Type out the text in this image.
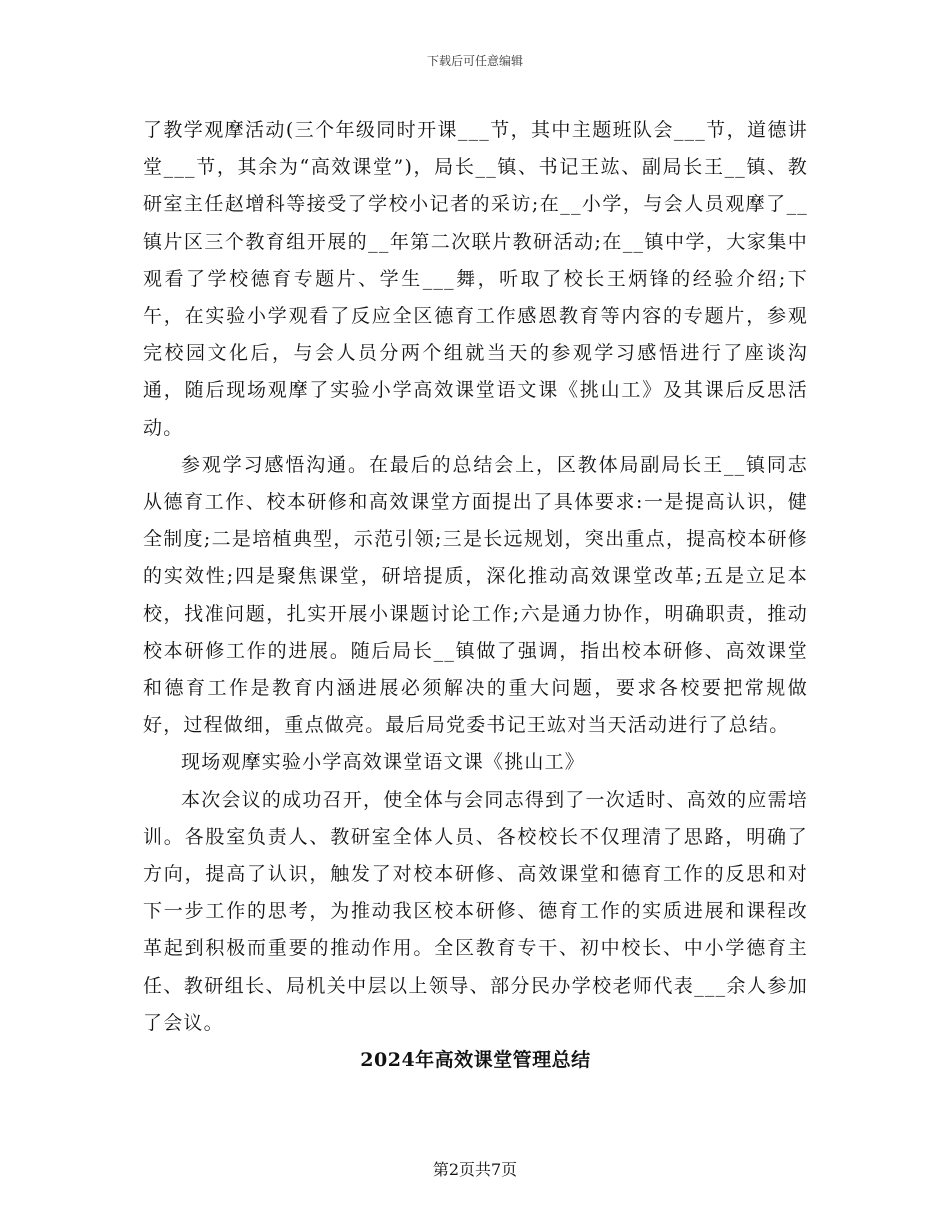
下载后可任意编辑

了教学观摩活动(三个年级同时开课___节，其中主题班队会___节，道德讲堂___节，其余为“高效课堂”)，局长__镇、书记王竑、副局长王__镇、教研室主任赵增科等接受了学校小记者的采访;在__小学，与会人员观摩了__镇片区三个教育组开展的__年第二次联片教研活动;在__镇中学，大家集中观看了学校德育专题片、学生___舞，听取了校长王炳锋的经验介绍;下午，在实验小学观看了反应全区德育工作感恩教育等内容的专题片，参观完校园文化后，与会人员分两个组就当天的参观学习感悟进行了座谈沟通，随后现场观摩了实验小学高效课堂语文课《挑山工》及其课后反思活动。

参观学习感悟沟通。在最后的总结会上，区教体局副局长王__镇同志从德育工作、校本研修和高效课堂方面提出了具体要求:一是提高认识，健全制度;二是培植典型，示范引领;三是长远规划，突出重点，提高校本研修的实效性;四是聚焦课堂，研培提质，深化推动高效课堂改革;五是立足本校，找准问题，扎实开展小课题讨论工作;六是通力协作，明确职责，推动校本研修工作的进展。随后局长__镇做了强调，指出校本研修、高效课堂和德育工作是教育内涵进展必须解决的重大问题，要求各校要把常规做好，过程做细，重点做亮。最后局党委书记王竑对当天活动进行了总结。

现场观摩实验小学高效课堂语文课《挑山工》

本次会议的成功召开，使全体与会同志得到了一次适时、高效的应需培训。各股室负责人、教研室全体人员、各校校长不仅理清了思路，明确了方向，提高了认识，触发了对校本研修、高效课堂和德育工作的反思和对下一步工作的思考，为推动我区校本研修、德育工作的实质进展和课程改革起到积极而重要的推动作用。全区教育专干、初中校长、中小学德育主任、教研组长、局机关中层以上领导、部分民办学校老师代表___余人参加了会议。

2024年高效课堂管理总结

第2页共7页
